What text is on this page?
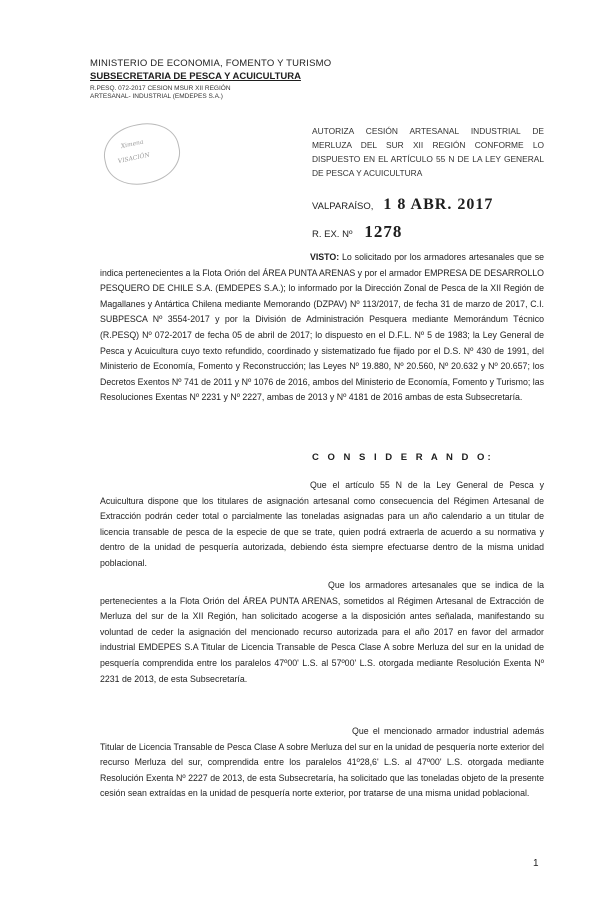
MINISTERIO DE ECONOMIA, FOMENTO Y TURISMO
SUBSECRETARIA DE PESCA Y ACUICULTURA
R.PESQ. 072-2017 CESION MSUR XII REGIÓN
ARTESANAL- INDUSTRIAL (EMDEPES S.A.)
Ximena
VISACIÓN
AUTORIZA CESIÓN ARTESANAL INDUSTRIAL DE MERLUZA DEL SUR XII REGIÓN CONFORME LO DISPUESTO EN EL ARTÍCULO 55 N DE LA LEY GENERAL DE PESCA Y ACUICULTURA
VALPARAÍSO, 1 8 ABR. 2017
R. EX. Nº 1278
VISTO: Lo solicitado por los armadores artesanales que se indica pertenecientes a la Flota Orión del ÁREA PUNTA ARENAS y por el armador EMPRESA DE DESARROLLO PESQUERO DE CHILE S.A. (EMDEPES S.A.); lo informado por la Dirección Zonal de Pesca de la XII Región de Magallanes y Antártica Chilena mediante Memorando (DZPAV) Nº 113/2017, de fecha 31 de marzo de 2017, C.I. SUBPESCA Nº 3554-2017 y por la División de Administración Pesquera mediante Memorándum Técnico (R.PESQ) Nº 072-2017 de fecha 05 de abril de 2017; lo dispuesto en el D.F.L. Nº 5 de 1983; la Ley General de Pesca y Acuicultura cuyo texto refundido, coordinado y sistematizado fue fijado por el D.S. Nº 430 de 1991, del Ministerio de Economía, Fomento y Reconstrucción; las Leyes Nº 19.880, Nº 20.560, Nº 20.632 y Nº 20.657; los Decretos Exentos Nº 741 de 2011 y Nº 1076 de 2016, ambos del Ministerio de Economía, Fomento y Turismo; las Resoluciones Exentas Nº 2231 y Nº 2227, ambas de 2013 y Nº 4181 de 2016 ambas de esta Subsecretaría.
C O N S I D E R A N D O:
Que el artículo 55 N de la Ley General de Pesca y Acuicultura dispone que los titulares de asignación artesanal como consecuencia del Régimen Artesanal de Extracción podrán ceder total o parcialmente las toneladas asignadas para un año calendario a un titular de licencia transable de pesca de la especie de que se trate, quien podrá extraerla de acuerdo a su normativa y dentro de la unidad de pesquería autorizada, debiendo ésta siempre efectuarse dentro de la misma unidad poblacional.
Que los armadores artesanales que se indica de la pertenecientes a la Flota Orión del ÁREA PUNTA ARENAS, sometidos al Régimen Artesanal de Extracción de Merluza del sur de la XII Región, han solicitado acogerse a la disposición antes señalada, manifestando su voluntad de ceder la asignación del mencionado recurso autorizada para el año 2017 en favor del armador industrial EMDEPES S.A Titular de Licencia Transable de Pesca Clase A sobre Merluza del sur en la unidad de pesquería comprendida entre los paralelos 47º00' L.S. al 57º00' L.S. otorgada mediante Resolución Exenta Nº 2231 de 2013, de esta Subsecretaría.
Que el mencionado armador industrial además Titular de Licencia Transable de Pesca Clase A sobre Merluza del sur en la unidad de pesquería norte exterior del recurso Merluza del sur, comprendida entre los paralelos 41º28,6' L.S. al 47º00' L.S. otorgada mediante Resolución Exenta Nº 2227 de 2013, de esta Subsecretaría, ha solicitado que las toneladas objeto de la presente cesión sean extraídas en la unidad de pesquería norte exterior, por tratarse de una misma unidad poblacional.
1
